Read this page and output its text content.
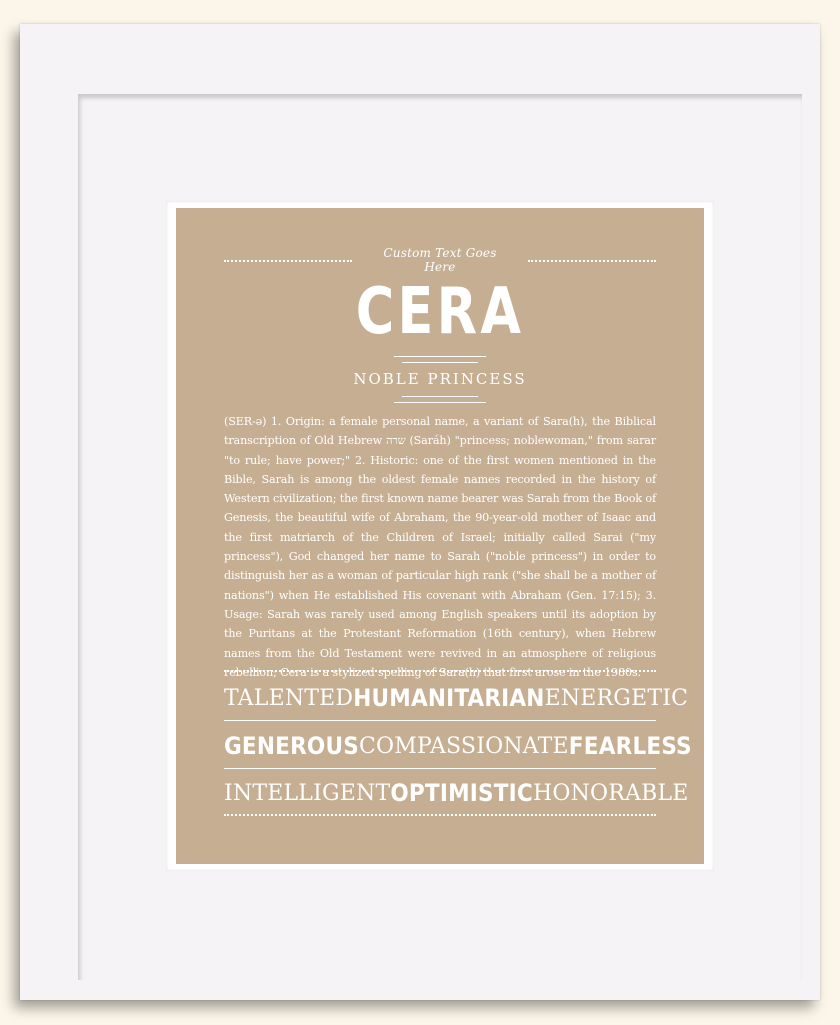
Custom Text Goes Here
CERA
NOBLE PRINCESS
(SER-ə) 1. Origin: a female personal name, a variant of Sara(h), the Biblical transcription of Old Hebrew שרה (Saráh) "princess; noblewoman," from sarar "to rule; have power;" 2. Historic: one of the first women mentioned in the Bible, Sarah is among the oldest female names recorded in the history of Western civilization; the first known name bearer was Sarah from the Book of Genesis, the beautiful wife of Abraham, the 90-year-old mother of Isaac and the first matriarch of the Children of Israel; initially called Sarai ("my princess"), God changed her name to Sarah ("noble princess") in order to distinguish her as a woman of particular high rank ("she shall be a mother of nations") when He established His covenant with Abraham (Gen. 17:15); 3. Usage: Sarah was rarely used among English speakers until its adoption by the Puritans at the Protestant Reformation (16th century), when Hebrew names from the Old Testament were revived in an atmosphere of religious rebellion; Cera is a stylized spelling of Sara(h) that first arose in the 1980s.
TALENTED HUMANITARIAN ENERGETIC
GENEROUS COMPASSIONATE FEARLESS
INTELLIGENT OPTIMISTIC HONORABLE
